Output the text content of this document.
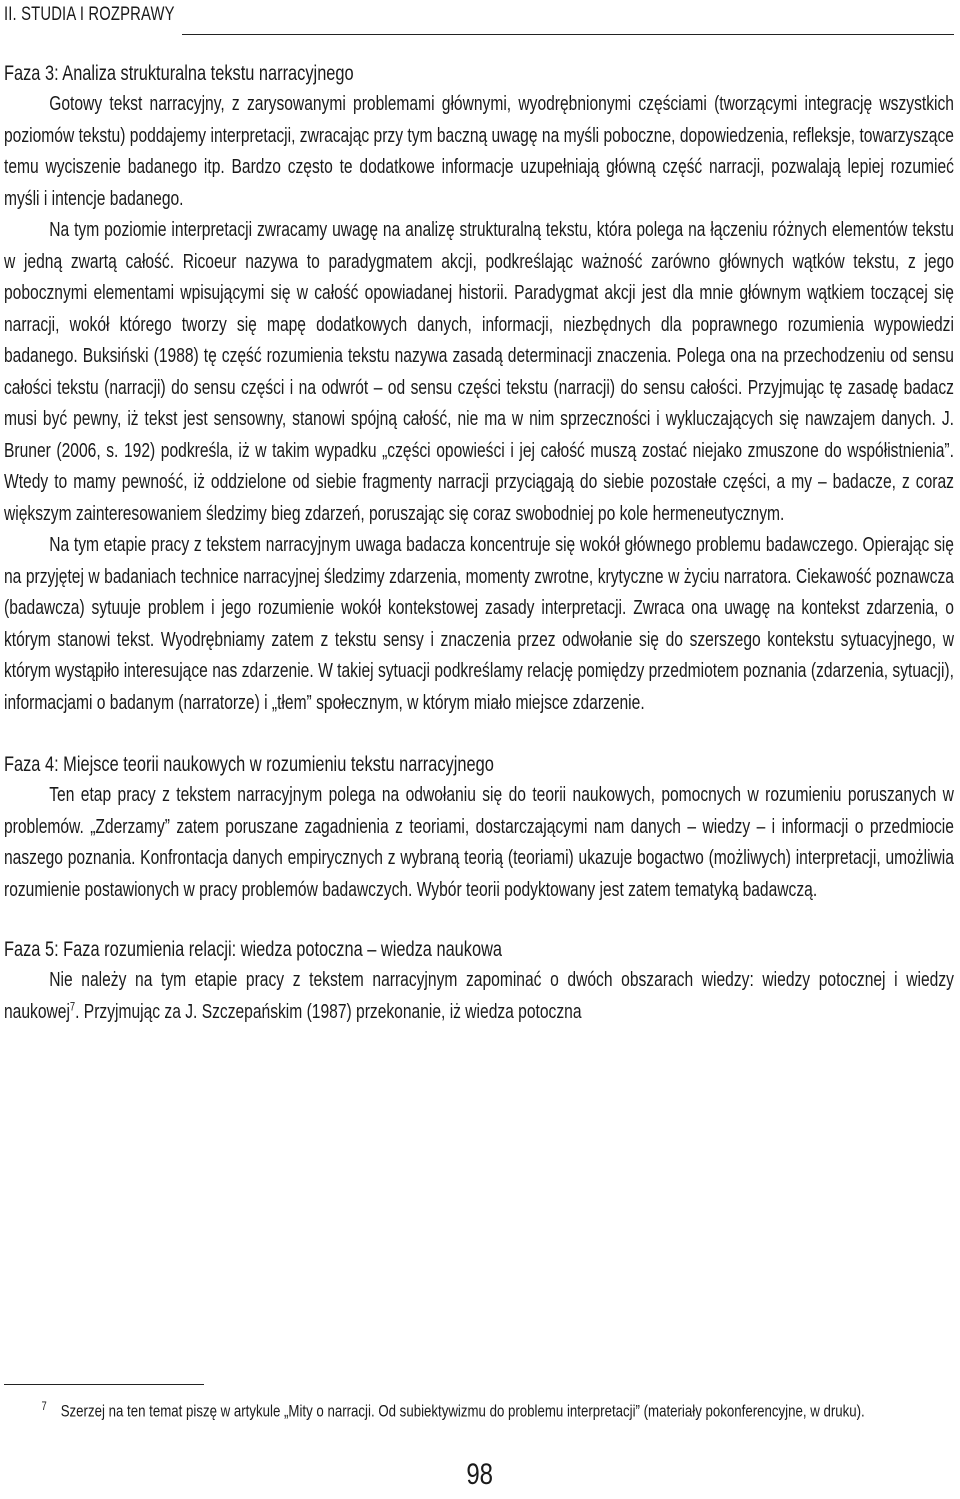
II. STUDIA I ROZPRAWY
Faza 3: Analiza strukturalna tekstu narracyjnego

Gotowy tekst narracyjny, z zarysowanymi problemami głównymi, wyodrębnionymi częściami (tworzącymi integrację wszystkich poziomów tekstu) poddajemy interpretacji, zwracając przy tym baczną uwagę na myśli poboczne, dopowiedzenia, refleksje, towarzyszące temu wyciszenie badanego itp. Bardzo często te dodatkowe informacje uzupełniają główną część narracji, pozwalają lepiej rozumieć myśli i intencje badanego.

Na tym poziomie interpretacji zwracamy uwagę na analizę strukturalną tekstu, która polega na łączeniu różnych elementów tekstu w jedną zwartą całość. Ricoeur nazywa to paradygmatem akcji, podkreślając ważność zarówno głównych wątków tekstu, z jego pobocznymi elementami wpisującymi się w całość opowiadanej historii. Paradygmat akcji jest dla mnie głównym wątkiem toczącej się narracji, wokół którego tworzy się mapę dodatkowych danych, informacji, niezbędnych dla poprawnego rozumienia wypowiedzi badanego. Buksiński (1988) tę część rozumienia tekstu nazywa zasadą determinacji znaczenia. Polega ona na przechodzeniu od sensu całości tekstu (narracji) do sensu części i na odwrót – od sensu części tekstu (narracji) do sensu całości. Przyjmując tę zasadę badacz musi być pewny, iż tekst jest sensowny, stanowi spójną całość, nie ma w nim sprzeczności i wykluczających się nawzajem danych. J. Bruner (2006, s. 192) podkreśla, iż w takim wypadku „części opowieści i jej całość muszą zostać niejako zmuszone do współistnienia”. Wtedy to mamy pewność, iż oddzielone od siebie fragmenty narracji przyciągają do siebie pozostałe części, a my – badacze, z coraz większym zainteresowaniem śledzimy bieg zdarzeń, poruszając się coraz swobodniej po kole hermeneutycznym.

Na tym etapie pracy z tekstem narracyjnym uwaga badacza koncentruje się wokół głównego problemu badawczego. Opierając się na przyjętej w badaniach technice narracyjnej śledzimy zdarzenia, momenty zwrotne, krytyczne w życiu narratora. Ciekawość poznawcza (badawcza) sytuuje problem i jego rozumienie wokół kontekstowej zasady interpretacji. Zwraca ona uwagę na kontekst zdarzenia, o którym stanowi tekst. Wyodrębniamy zatem z tekstu sensy i znaczenia przez odwołanie się do szerszego kontekstu sytuacyjnego, w którym wystąpiło interesujące nas zdarzenie. W takiej sytuacji podkreślamy relację pomiędzy przedmiotem poznania (zdarzenia, sytuacji), informacjami o badanym (narratorze) i „tłem” społecznym, w którym miało miejsce zdarzenie.

Faza 4: Miejsce teorii naukowych w rozumieniu tekstu narracyjnego

Ten etap pracy z tekstem narracyjnym polega na odwołaniu się do teorii naukowych, pomocnych w rozumieniu poruszanych w problemów. „Zderzamy” zatem poruszane zagadnienia z teoriami, dostarczającymi nam danych – wiedzy – i informacji o przedmiocie naszego poznania. Konfrontacja danych empirycznych z wybraną teorią (teoriami) ukazuje bogactwo (możliwych) interpretacji, umożliwia rozumienie postawionych w pracy problemów badawczych. Wybór teorii podyktowany jest zatem tematyką badawczą.

Faza 5: Faza rozumienia relacji: wiedza potoczna – wiedza naukowa

Nie należy na tym etapie pracy z tekstem narracyjnym zapominać o dwóch obszarach wiedzy: wiedzy potocznej i wiedzy naukowej$^7$. Przyjmując za J. Szczepańskim (1987) przekonanie, iż wiedza potoczna

$^7$ Szerzej na ten temat piszę w artykule „Mity o narracji. Od subiektywizmu do problemu interpretacji” (materiały pokonferencyjne, w druku).

98
